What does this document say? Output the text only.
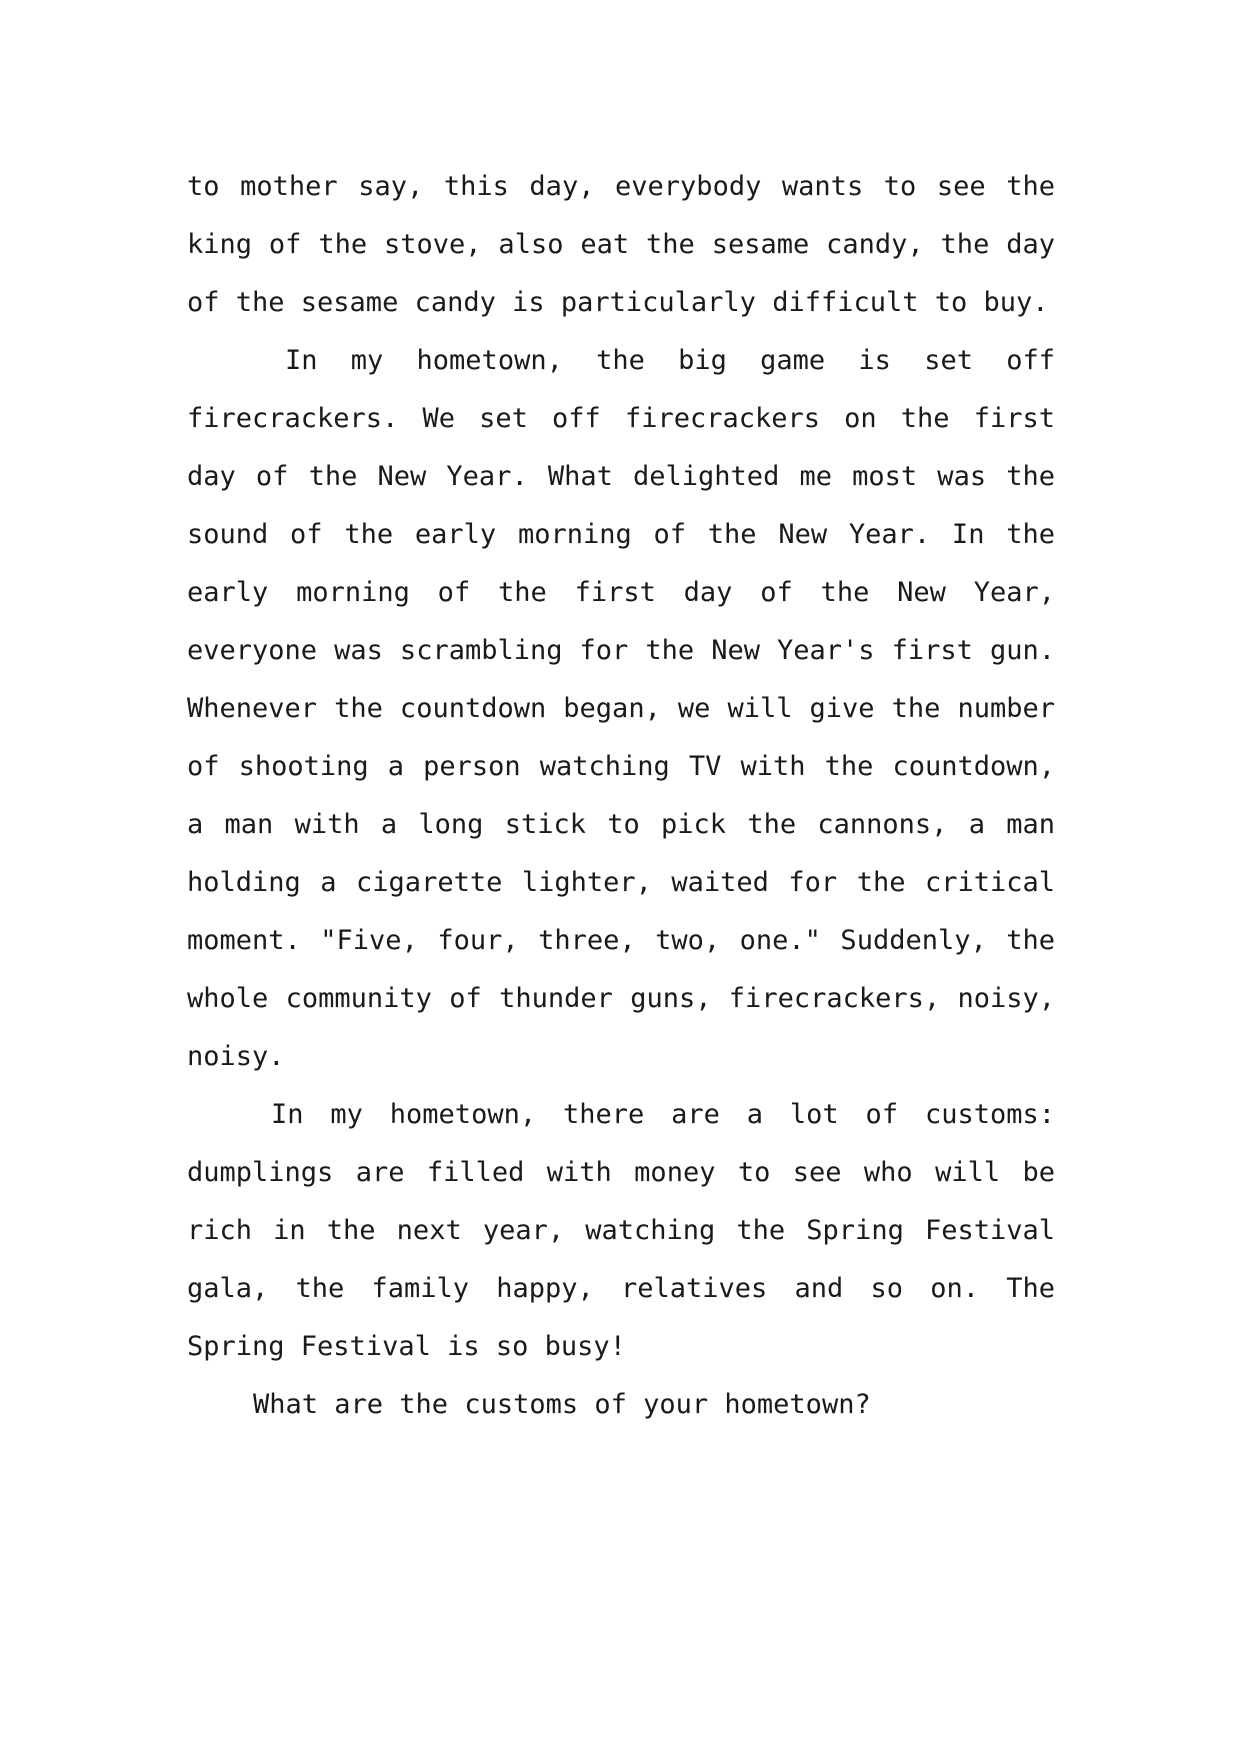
to mother say, this day, everybody wants to see the king of the stove, also eat the sesame candy, the day of the sesame candy is particularly difficult to buy.

In my hometown, the big game is set off firecrackers. We set off firecrackers on the first day of the New Year. What delighted me most was the sound of the early morning of the New Year. In the early morning of the first day of the New Year, everyone was scrambling for the New Year's first gun. Whenever the countdown began, we will give the number of shooting a person watching TV with the countdown, a man with a long stick to pick the cannons, a man holding a cigarette lighter, waited for the critical moment. "Five, four, three, two, one." Suddenly, the whole community of thunder guns, firecrackers, noisy, noisy.

In my hometown, there are a lot of customs: dumplings are filled with money to see who will be rich in the next year, watching the Spring Festival gala, the family happy, relatives and so on. The Spring Festival is so busy!

What are the customs of your hometown?
